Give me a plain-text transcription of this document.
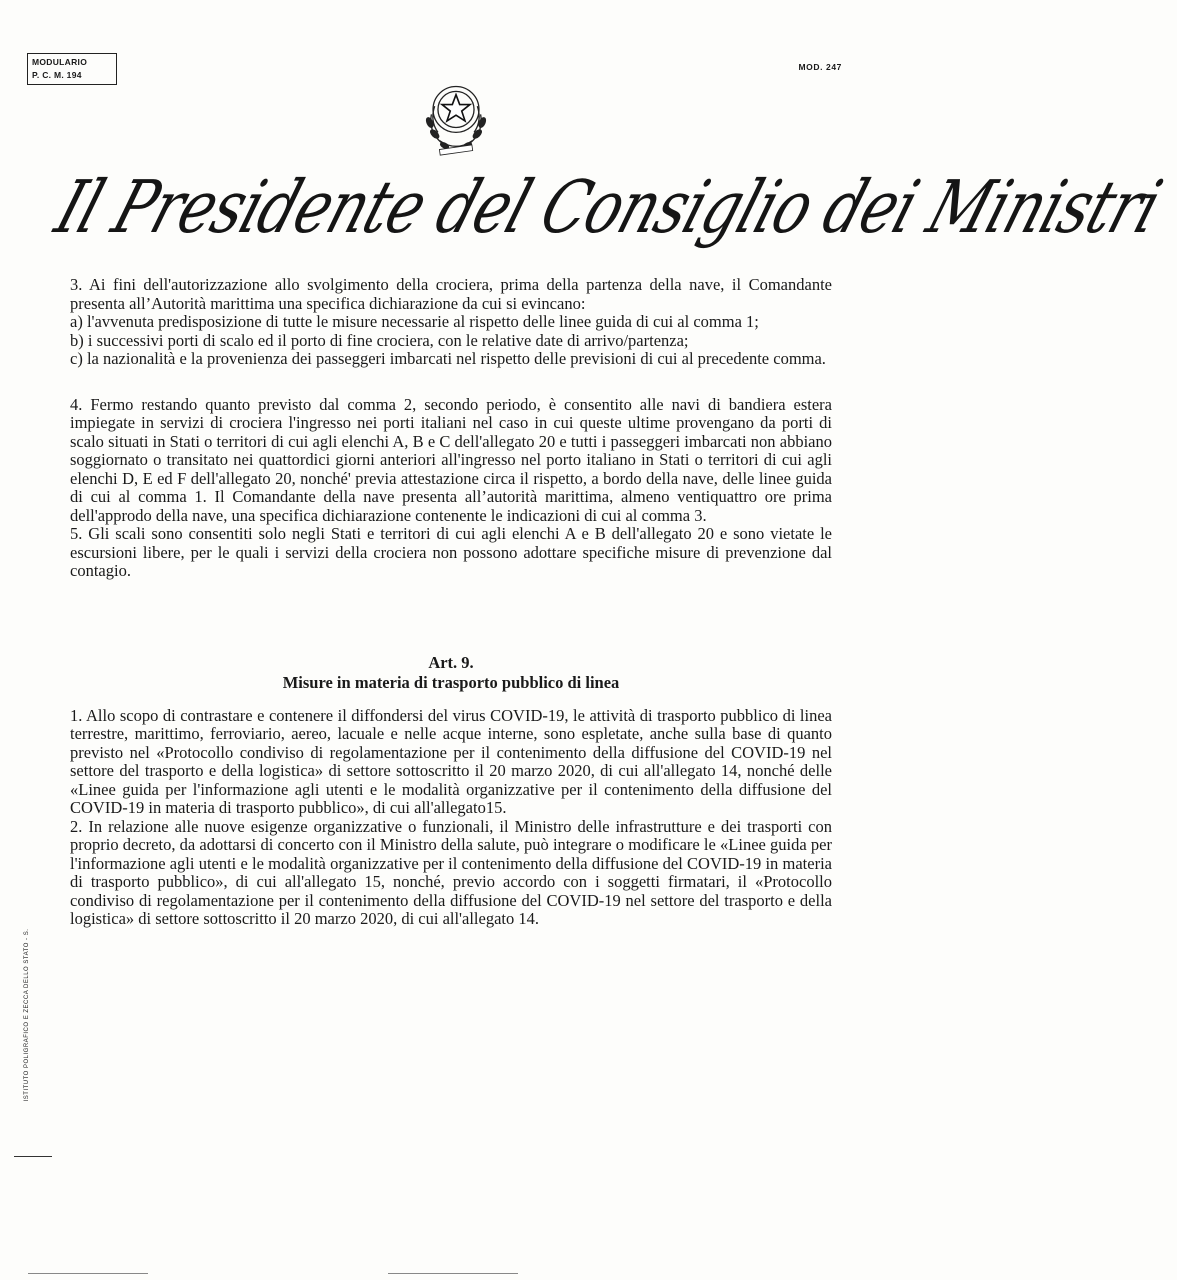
MODULARIO
P. C. M. 194
MOD. 247
Il Presidente del Consiglio dei Ministri

3. Ai fini dell'autorizzazione allo svolgimento della crociera, prima della partenza della nave, il Comandante presenta all’Autorità marittima una specifica dichiarazione da cui si evincano:

a) l'avvenuta predisposizione di tutte le misure necessarie al rispetto delle linee guida di cui al comma 1;

b) i successivi porti di scalo ed il porto di fine crociera, con le relative date di arrivo/partenza;

c) la nazionalità e la provenienza dei passeggeri imbarcati nel rispetto delle previsioni di cui al precedente comma.

4. Fermo restando quanto previsto dal comma 2, secondo periodo, è consentito alle navi di bandiera estera impiegate in servizi di crociera l'ingresso nei porti italiani nel caso in cui queste ultime provengano da porti di scalo situati in Stati o territori di cui agli elenchi A, B e C dell'allegato 20 e tutti i passeggeri imbarcati non abbiano soggiornato o transitato nei quattordici giorni anteriori all'ingresso nel porto italiano in Stati o territori di cui agli elenchi D, E ed F dell'allegato 20, nonché' previa attestazione circa il rispetto, a bordo della nave, delle linee guida di cui al comma 1. Il Comandante della nave presenta all’autorità marittima, almeno ventiquattro ore prima dell'approdo della nave, una specifica dichiarazione contenente le indicazioni di cui al comma 3.

5. Gli scali sono consentiti solo negli Stati e territori di cui agli elenchi A e B dell'allegato 20 e sono vietate le escursioni libere, per le quali i servizi della crociera non possono adottare specifiche misure di prevenzione dal contagio.

Art. 9.
Misure in materia di trasporto pubblico di linea

1. Allo scopo di contrastare e contenere il diffondersi del virus COVID-19, le attività di trasporto pubblico di linea terrestre, marittimo, ferroviario, aereo, lacuale e nelle acque interne, sono espletate, anche sulla base di quanto previsto nel «Protocollo condiviso di regolamentazione per il contenimento della diffusione del COVID-19 nel settore del trasporto e della logistica» di settore sottoscritto il 20 marzo 2020, di cui all'allegato 14, nonché delle «Linee guida per l'informazione agli utenti e le modalità organizzative per il contenimento della diffusione del COVID-19 in materia di trasporto pubblico», di cui all'allegato15.

2. In relazione alle nuove esigenze organizzative o funzionali, il Ministro delle infrastrutture e dei trasporti con proprio decreto, da adottarsi di concerto con il Ministro della salute, può integrare o modificare le «Linee guida per l'informazione agli utenti e le modalità organizzative per il contenimento della diffusione del COVID-19 in materia di trasporto pubblico», di cui all'allegato 15, nonché, previo accordo con i soggetti firmatari, il «Protocollo condiviso di regolamentazione per il contenimento della diffusione del COVID-19 nel settore del trasporto e della logistica» di settore sottoscritto il 20 marzo 2020, di cui all'allegato 14.

ISTITUTO POLIGRAFICO E ZECCA DELLO STATO - S.
